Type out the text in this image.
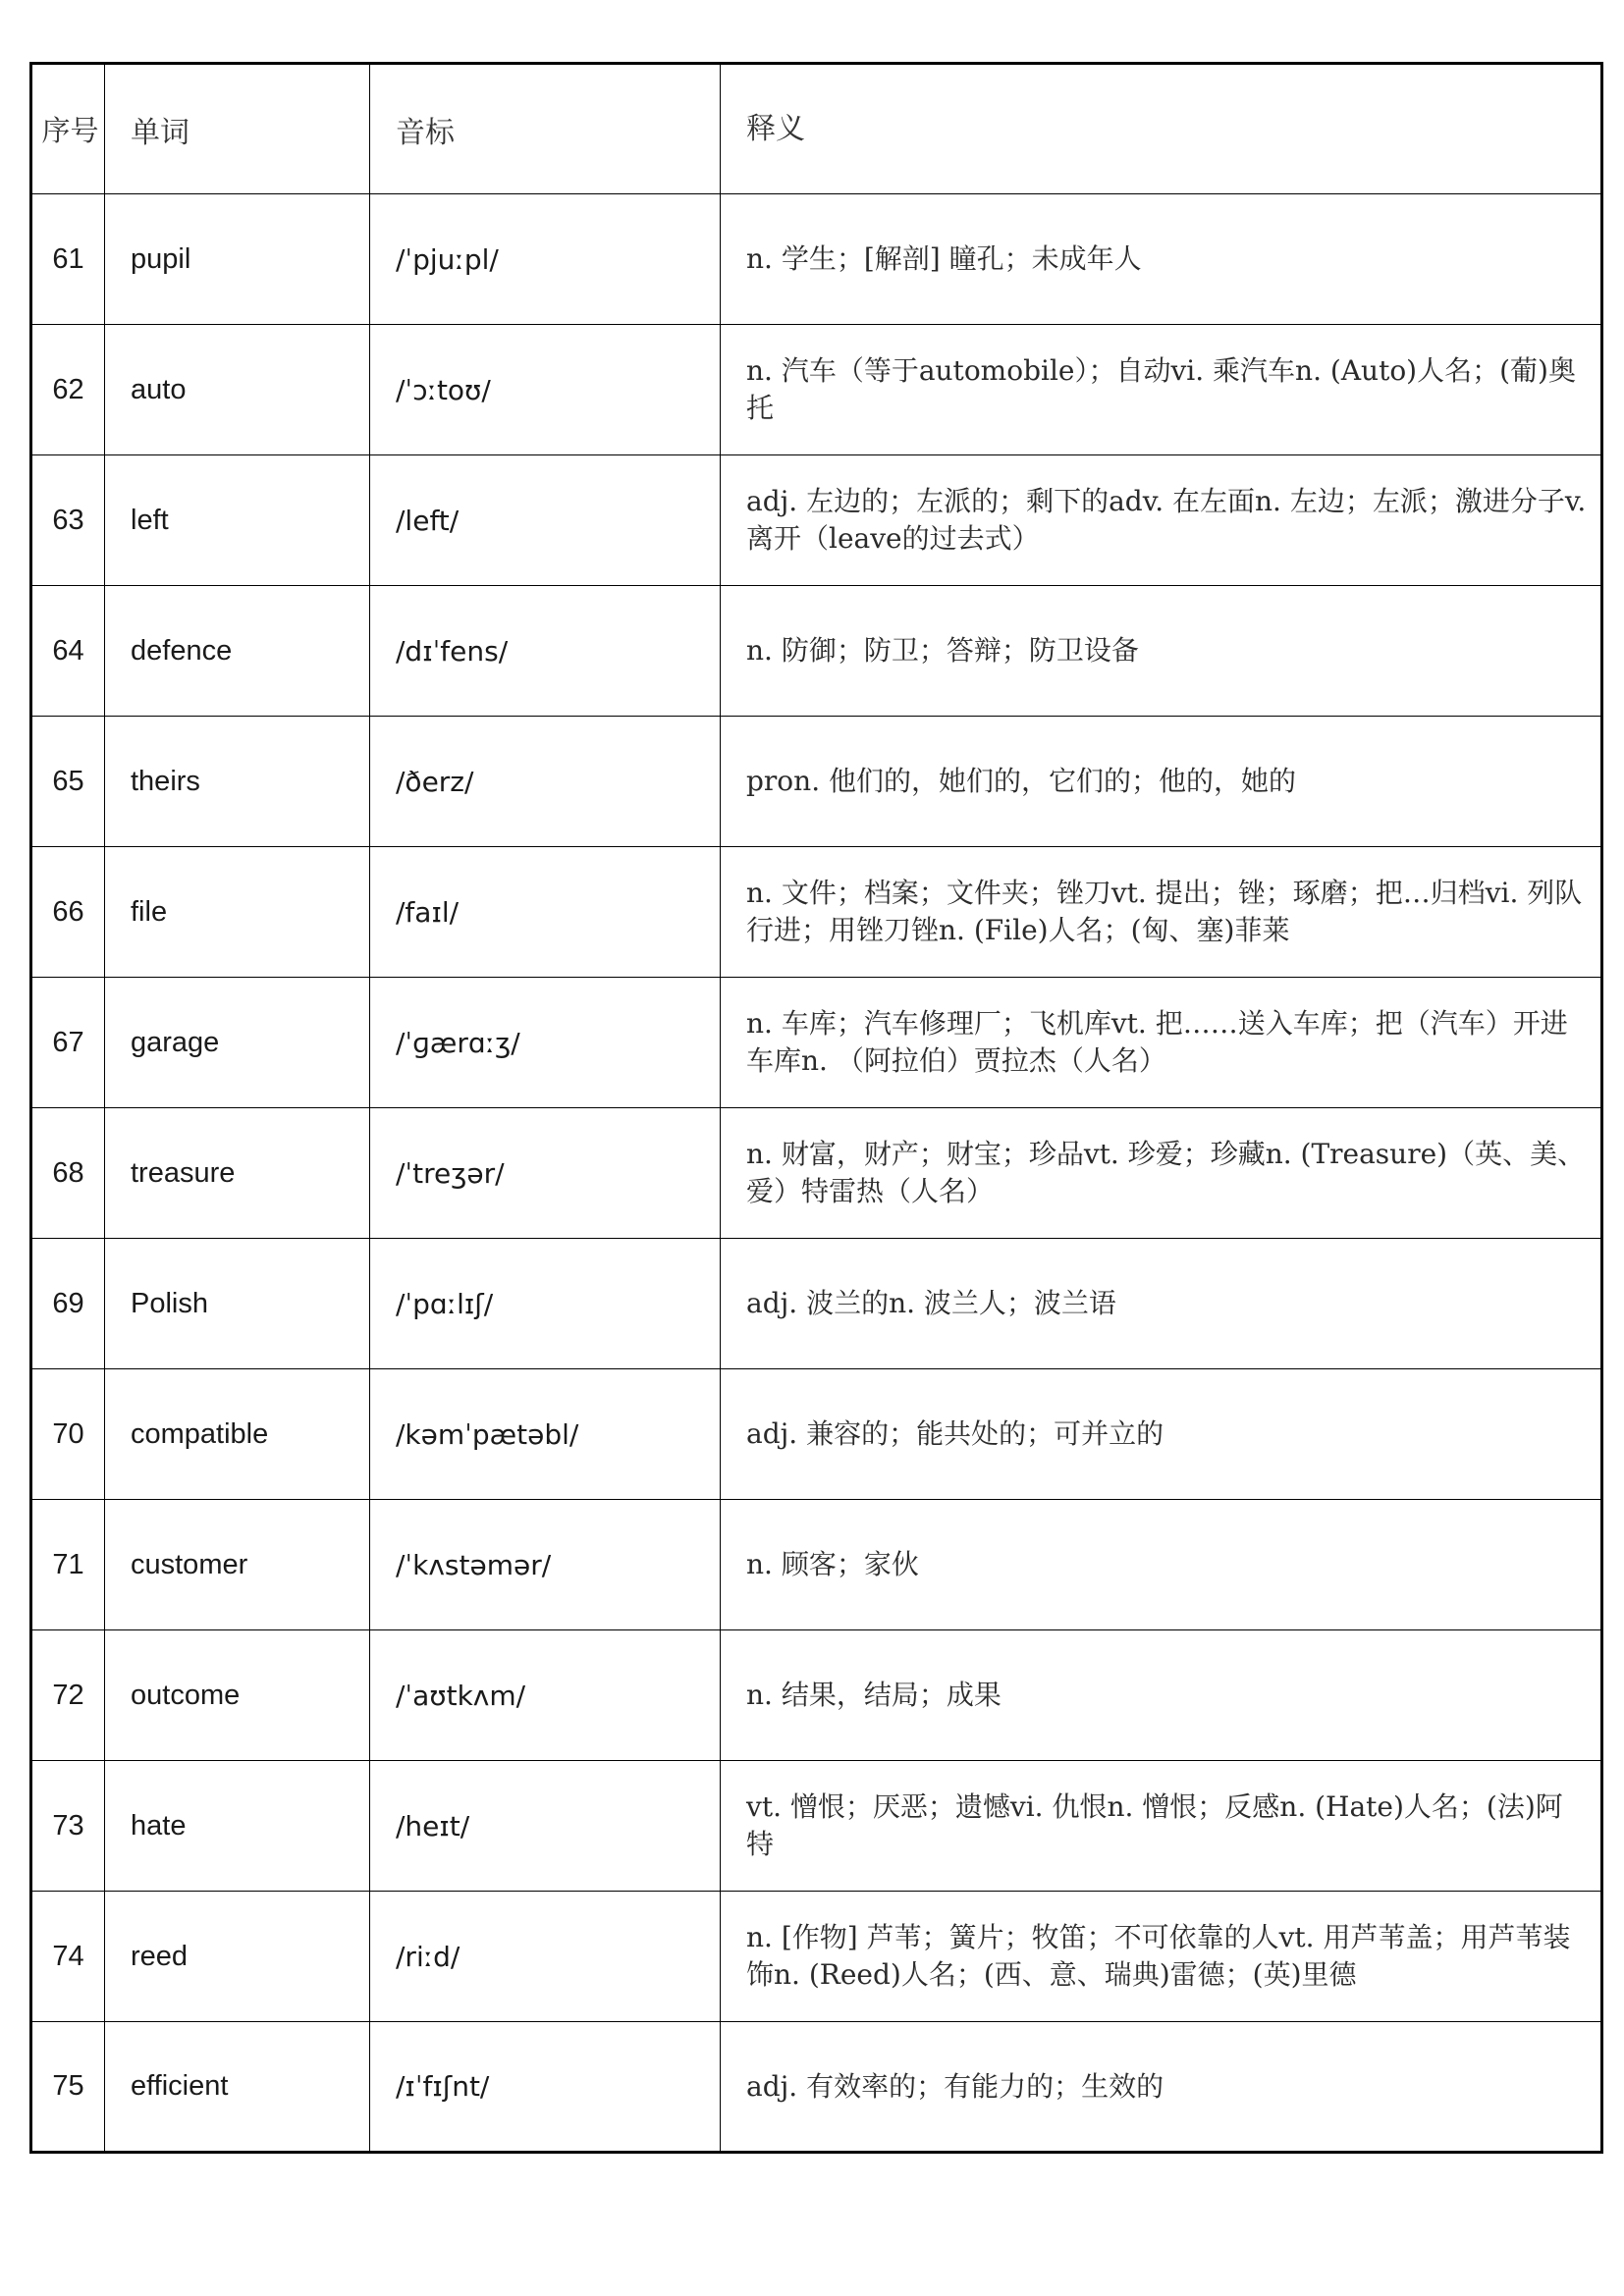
序号	单词	音标	释义
61	pupil	/ˈpjuːpl/	n. 学生；[解剖] 瞳孔；未成年人
62	auto	/ˈɔːtoʊ/	n. 汽车（等于automobile）；自动vi. 乘汽车n. (Auto)人名；(葡)奥托
63	left	/left/	adj. 左边的；左派的；剩下的adv. 在左面n. 左边；左派；激进分子v. 离开（leave的过去式）
64	defence	/dɪˈfens/	n. 防御；防卫；答辩；防卫设备
65	theirs	/ðerz/	pron. 他们的，她们的，它们的；他的，她的
66	file	/faɪl/	n. 文件；档案；文件夹；锉刀vt. 提出；锉；琢磨；把…归档vi. 列队行进；用锉刀锉n. (File)人名；(匈、塞)菲莱
67	garage	/ˈɡærɑːʒ/	n. 车库；汽车修理厂；飞机库vt. 把……送入车库；把（汽车）开进车库n. （阿拉伯）贾拉杰（人名）
68	treasure	/ˈtreʒər/	n. 财富，财产；财宝；珍品vt. 珍爱；珍藏n. (Treasure)（英、美、爱）特雷热（人名）
69	Polish	/ˈpɑːlɪʃ/	adj. 波兰的n. 波兰人；波兰语
70	compatible	/kəmˈpætəbl/	adj. 兼容的；能共处的；可并立的
71	customer	/ˈkʌstəmər/	n. 顾客；家伙
72	outcome	/ˈaʊtkʌm/	n. 结果，结局；成果
73	hate	/heɪt/	vt. 憎恨；厌恶；遗憾vi. 仇恨n. 憎恨；反感n. (Hate)人名；(法)阿特
74	reed	/riːd/	n. [作物] 芦苇；簧片；牧笛；不可依靠的人vt. 用芦苇盖；用芦苇装饰n. (Reed)人名；(西、意、瑞典)雷德；(英)里德
75	efficient	/ɪˈfɪʃnt/	adj. 有效率的；有能力的；生效的
